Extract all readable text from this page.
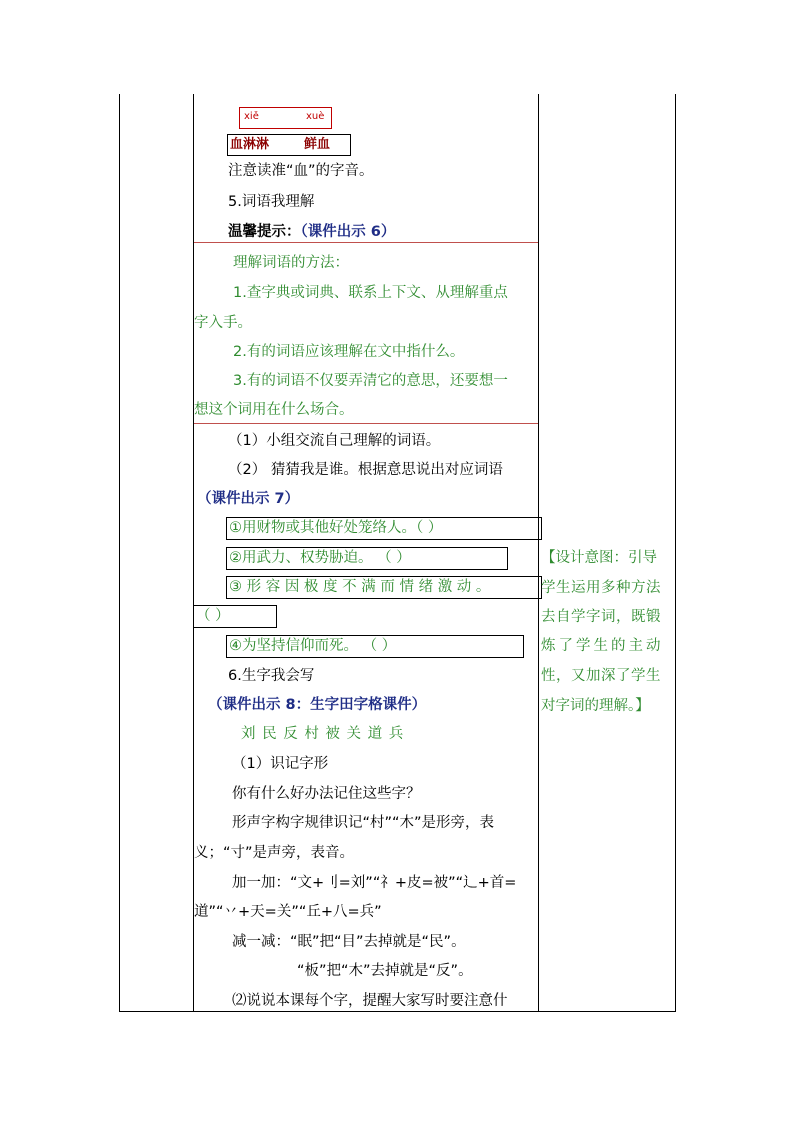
xiě	xuè
血淋淋	鲜血
注意读准“血”的字音。
5.词语我理解
温馨提示：（课件出示 6）
理解词语的方法：
1.查字典或词典、联系上下文、从理解重点
字入手。
2.有的词语应该理解在文中指什么。
3.有的词语不仅要弄清它的意思，还要想一
想这个词用在什么场合。
（1）小组交流自己理解的词语。
（2） 猜猜我是谁。根据意思说出对应词语
（课件出示 7）
①用财物或其他好处笼络人。（ ）
②用武力、权势胁迫。 （ ）
③ 形 容 因 极 度 不 满 而 情 绪 激 动 。
（ ）
④为坚持信仰而死。 （ ）
6.生字我会写
（课件出示 8：生字田字格课件）
刘 民 反 村 被 关 道 兵
（1）识记字形
你有什么好办法记住这些字？
形声字构字规律识记“村”“木”是形旁，表
义；“寸”是声旁，表音。
加一加：“文+刂=刘”“礻+皮=被”“辶+首=
道”“丷+天=关”“丘+八=兵”
减一减：“眠”把“目”去掉就是“民”。
“板”把“木”去掉就是“反”。
⑵说说本课每个字，提醒大家写时要注意什
【设计意图：引导
学生运用多种方法
去自学字词，既锻
炼了学生的主动
性，又加深了学生
对字词的理解。】
